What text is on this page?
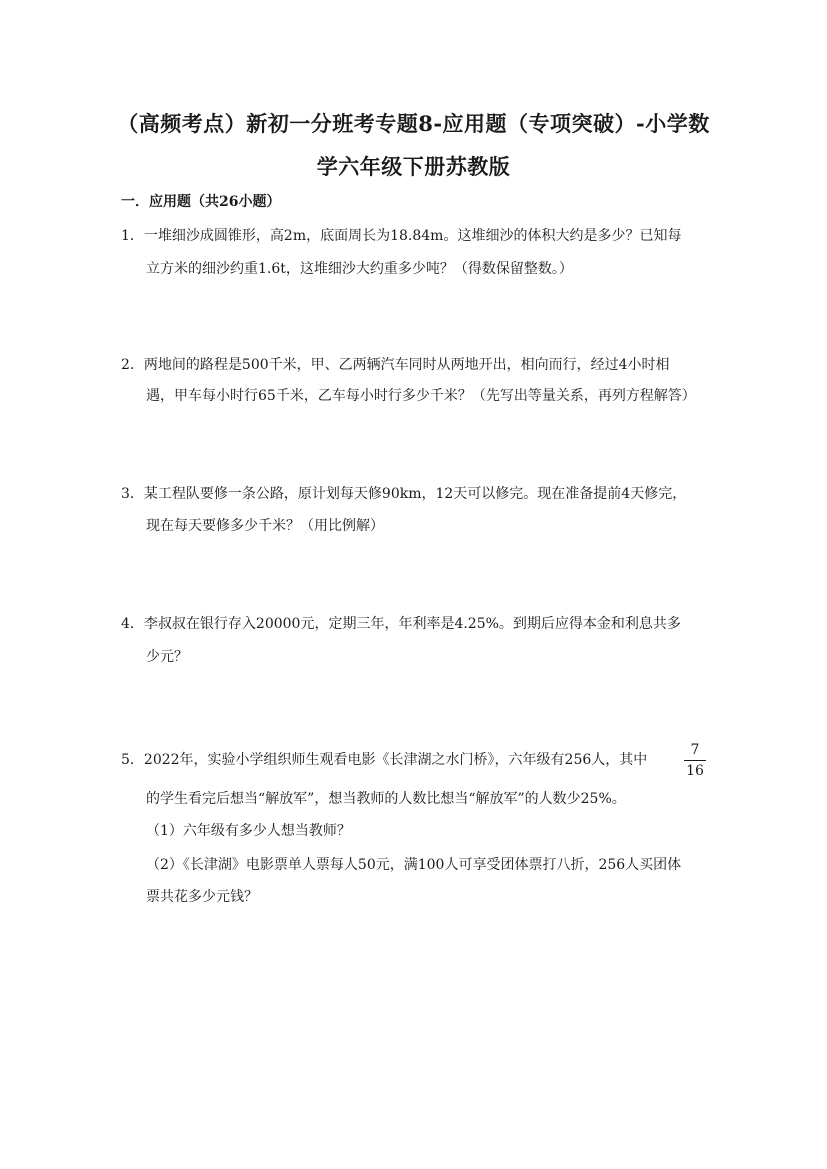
（高频考点）新初一分班考专题8-应用题（专项突破）-小学数
学六年级下册苏教版
一．应用题（共26小题）
1．一堆细沙成圆锥形，高2m，底面周长为18.84m。这堆细沙的体积大约是多少？已知每
立方米的细沙约重1.6t，这堆细沙大约重多少吨？（得数保留整数。）
2．两地间的路程是500千米，甲、乙两辆汽车同时从两地开出，相向而行，经过4小时相
遇，甲车每小时行65千米，乙车每小时行多少千米？（先写出等量关系，再列方程解答）
3．某工程队要修一条公路，原计划每天修90km，12天可以修完。现在准备提前4天修完，
现在每天要修多少千米？（用比例解）
4．李叔叔在银行存入20000元，定期三年，年利率是4.25%。到期后应得本金和利息共多
少元？
5．2022年，实验小学组织师生观看电影《长津湖之水门桥》，六年级有256人，其中
7
16
的学生看完后想当“解放军”，想当教师的人数比想当“解放军”的人数少25%。
（1）六年级有多少人想当教师？
（2）《长津湖》电影票单人票每人50元，满100人可享受团体票打八折，256人买团体
票共花多少元钱？
